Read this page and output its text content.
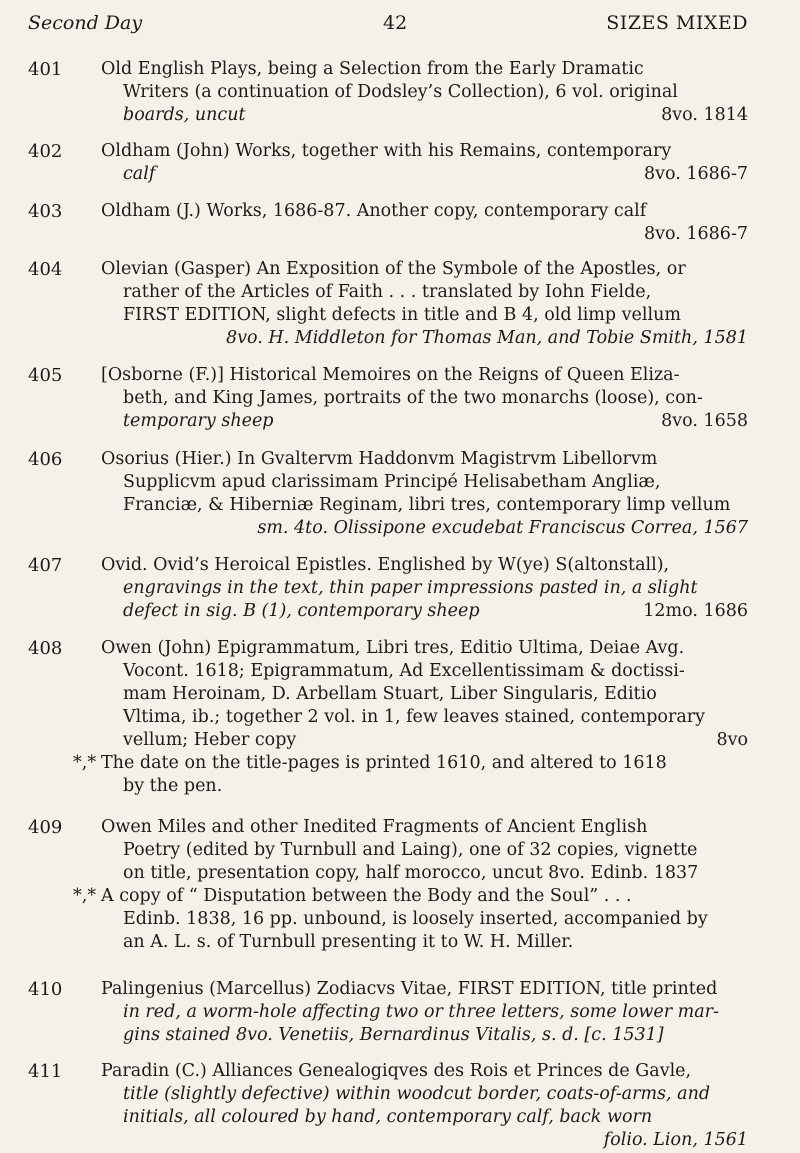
Second Day	42	SIZES MIXED
401	Old English Plays, being a Selection from the Early Dramatic
Writers (a continuation of Dodsley’s Collection), 6 vol. original
boards, uncut	8vo. 1814
402	Oldham (John) Works, together with his Remains, contemporary
calf	8vo. 1686-7
403	Oldham (J.) Works, 1686-87. Another copy, contemporary calf
8vo. 1686-7
404	Olevian (Gasper) An Exposition of the Symbole of the Apostles, or
rather of the Articles of Faith . . . translated by Iohn Fielde,
FIRST EDITION, slight defects in title and B 4, old limp vellum
8vo. H. Middleton for Thomas Man, and Tobie Smith, 1581
405	[Osborne (F.)] Historical Memoires on the Reigns of Queen Eliza-
beth, and King James, portraits of the two monarchs (loose), con-
temporary sheep	8vo. 1658
406	Osorius (Hier.) In Gvaltervm Haddonvm Magistrvm Libellorvm
Supplicvm apud clarissimam Principé Helisabetham Angliæ,
Franciæ, & Hiberniæ Reginam, libri tres, contemporary limp vellum
sm. 4to. Olissipone excudebat Franciscus Correa, 1567
407	Ovid. Ovid’s Heroical Epistles. Englished by W(ye) S(altonstall),
engravings in the text, thin paper impressions pasted in, a slight
defect in sig. B (1), contemporary sheep	12mo. 1686
408	Owen (John) Epigrammatum, Libri tres, Editio Ultima, Deiae Avg.
Vocont. 1618; Epigrammatum, Ad Excellentissimam & doctissi-
mam Heroinam, D. Arbellam Stuart, Liber Singularis, Editio
Vltima, ib.; together 2 vol. in 1, few leaves stained, contemporary
vellum; Heber copy	8vo
*,* The date on the title-pages is printed 1610, and altered to 1618
by the pen.
409	Owen Miles and other Inedited Fragments of Ancient English
Poetry (edited by Turnbull and Laing), one of 32 copies, vignette
on title, presentation copy, half morocco, uncut 8vo. Edinb. 1837
*,* A copy of “ Disputation between the Body and the Soul” . . .
Edinb. 1838, 16 pp. unbound, is loosely inserted, accompanied by
an A. L. s. of Turnbull presenting it to W. H. Miller.
410	Palingenius (Marcellus) Zodiacvs Vitae, FIRST EDITION, title printed
in red, a worm-hole affecting two or three letters, some lower mar-
gins stained 8vo. Venetiis, Bernardinus Vitalis, s. d. [c. 1531]
411	Paradin (C.) Alliances Genealogiqves des Rois et Princes de Gavle,
title (slightly defective) within woodcut border, coats-of-arms, and
initials, all coloured by hand, contemporary calf, back worn
folio. Lion, 1561
